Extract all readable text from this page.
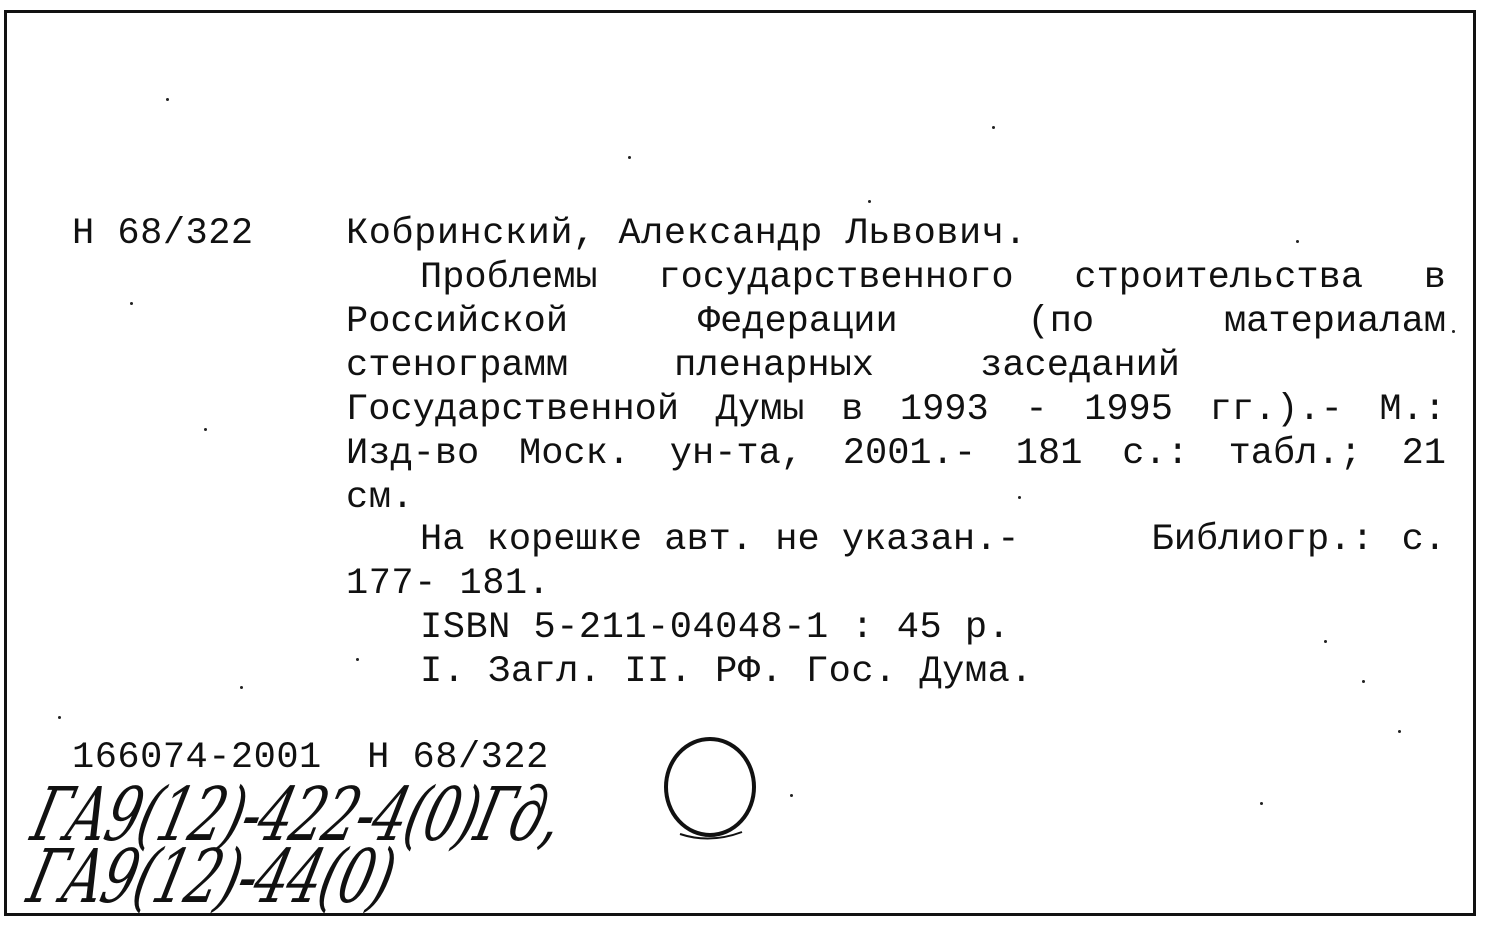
Н 68/322 Кобринский, Александр Львович.
Проблемы государственного строительства в
Российской	Федерации	(по	материалам
стенограмм	пленарных	заседаний
Государственной Думы в 1993 - 1995 гг.).- М.:
Изд-во Моск. ун-та, 2001.- 181 с.: табл.; 21
см.
На корешке авт. не указан.-	Библиогр.: с.
177- 181.
ISBN 5-211-04048-1 : 45 р.
I. Загл. II. РФ. Гос. Дума.
166074-2001  Н 68/322
ГА9(12)-422-4(0)Гд,
ГА9(12)-44(0)
